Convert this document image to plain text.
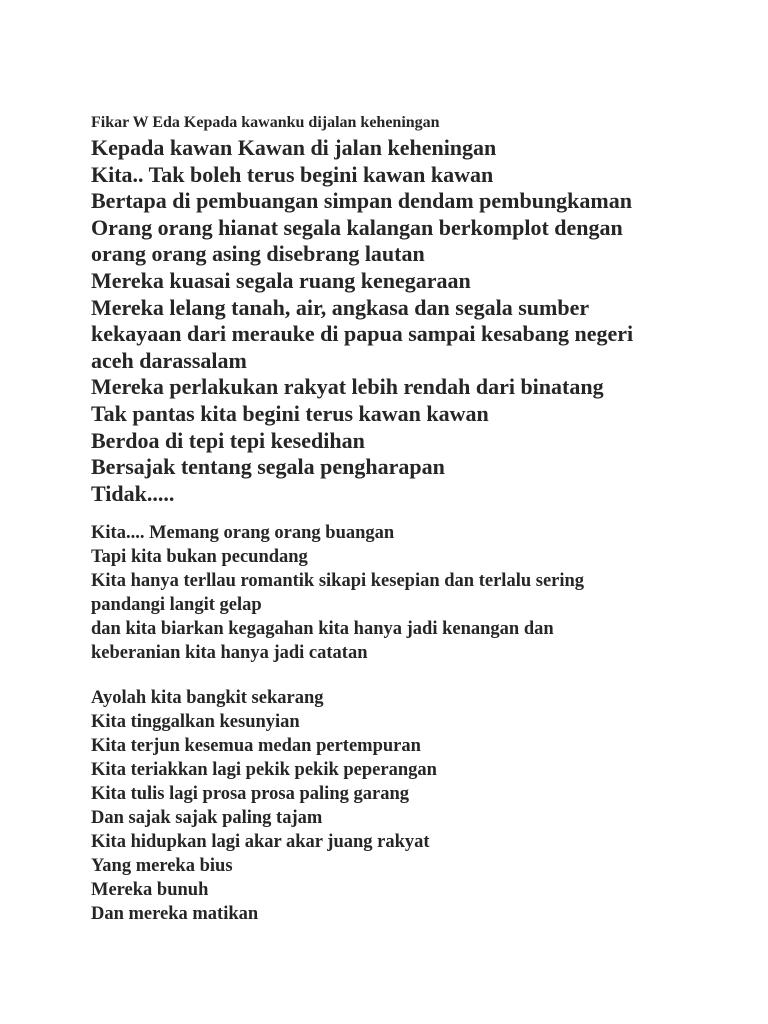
Fikar W Eda Kepada kawanku dijalan keheningan
Kepada kawan Kawan di jalan keheningan
Kita.. Tak boleh terus begini kawan kawan
Bertapa di pembuangan simpan dendam pembungkaman
Orang orang hianat segala kalangan berkomplot dengan
orang orang asing disebrang lautan
Mereka kuasai segala ruang kenegaraan
Mereka lelang tanah, air, angkasa dan segala sumber
kekayaan dari merauke di papua sampai kesabang negeri
aceh darassalam
Mereka perlakukan rakyat lebih rendah dari binatang
Tak pantas kita begini terus kawan kawan
Berdoa di tepi tepi kesedihan
Bersajak tentang segala pengharapan
Tidak.....
Kita.... Memang orang orang buangan
Tapi kita bukan pecundang
Kita hanya terllau romantik sikapi kesepian dan terlalu sering
pandangi langit gelap
dan kita biarkan kegagahan kita hanya jadi kenangan dan
keberanian kita hanya jadi catatan
Ayolah kita bangkit sekarang
Kita tinggalkan kesunyian
Kita terjun kesemua medan pertempuran
Kita teriakkan lagi pekik pekik peperangan
Kita tulis lagi prosa prosa paling garang
Dan sajak sajak paling tajam
Kita hidupkan lagi akar akar juang rakyat
Yang mereka bius
Mereka bunuh
Dan mereka matikan
